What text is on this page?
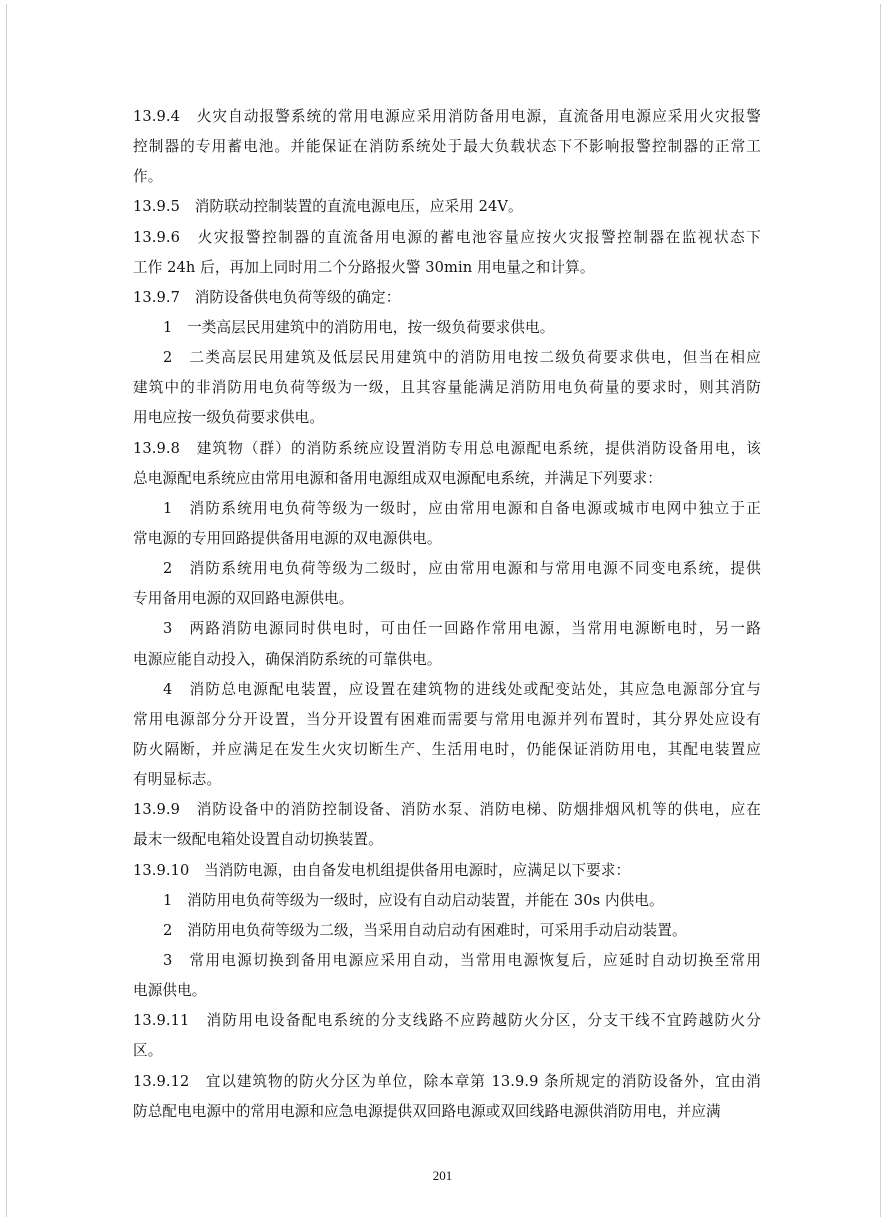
13.9.4　火灾自动报警系统的常用电源应采用消防备用电源，直流备用电源应采用火灾报警
控制器的专用蓄电池。并能保证在消防系统处于最大负载状态下不影响报警控制器的正常工
作。
13.9.5　消防联动控制装置的直流电源电压，应采用 24V。
13.9.6　火灾报警控制器的直流备用电源的蓄电池容量应按火灾报警控制器在监视状态下
工作 24h 后，再加上同时用二个分路报火警 30min 用电量之和计算。
13.9.7　消防设备供电负荷等级的确定：
1　一类高层民用建筑中的消防用电，按一级负荷要求供电。
2　二类高层民用建筑及低层民用建筑中的消防用电按二级负荷要求供电，但当在相应
建筑中的非消防用电负荷等级为一级，且其容量能满足消防用电负荷量的要求时，则其消防
用电应按一级负荷要求供电。
13.9.8　建筑物（群）的消防系统应设置消防专用总电源配电系统，提供消防设备用电，该
总电源配电系统应由常用电源和备用电源组成双电源配电系统，并满足下列要求：
1　消防系统用电负荷等级为一级时，应由常用电源和自备电源或城市电网中独立于正
常电源的专用回路提供备用电源的双电源供电。
2　消防系统用电负荷等级为二级时，应由常用电源和与常用电源不同变电系统，提供
专用备用电源的双回路电源供电。
3　两路消防电源同时供电时，可由任一回路作常用电源，当常用电源断电时，另一路
电源应能自动投入，确保消防系统的可靠供电。
4　消防总电源配电装置，应设置在建筑物的进线处或配变站处，其应急电源部分宜与
常用电源部分分开设置，当分开设置有困难而需要与常用电源并列布置时，其分界处应设有
防火隔断，并应满足在发生火灾切断生产、生活用电时，仍能保证消防用电，其配电装置应
有明显标志。
13.9.9　消防设备中的消防控制设备、消防水泵、消防电梯、防烟排烟风机等的供电，应在
最末一级配电箱处设置自动切换装置。
13.9.10　当消防电源，由自备发电机组提供备用电源时，应满足以下要求：
1　消防用电负荷等级为一级时，应设有自动启动装置，并能在 30s 内供电。
2　消防用电负荷等级为二级，当采用自动启动有困难时，可采用手动启动装置。
3　常用电源切换到备用电源应采用自动，当常用电源恢复后，应延时自动切换至常用
电源供电。
13.9.11　消防用电设备配电系统的分支线路不应跨越防火分区，分支干线不宜跨越防火分
区。
13.9.12　宜以建筑物的防火分区为单位，除本章第 13.9.9 条所规定的消防设备外，宜由消
防总配电电源中的常用电源和应急电源提供双回路电源或双回线路电源供消防用电，并应满
201
